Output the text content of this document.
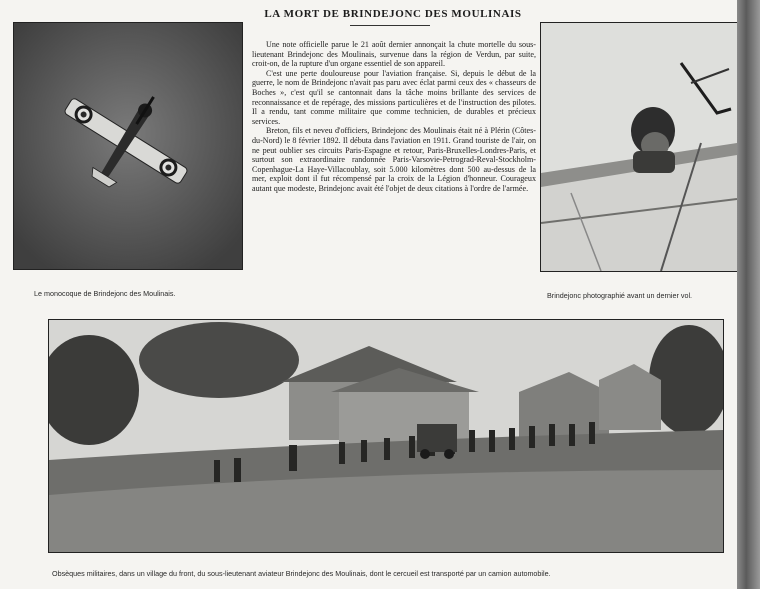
LA MORT DE BRINDEJONC DES MOULINAIS

Une note officielle parue le 21 août dernier annonçait la chute mortelle du sous-lieutenant Brindejonc des Moulinais, survenue dans la région de Verdun, par suite, croit-on, de la rupture d'un organe essentiel de son appareil.

C'est une perte douloureuse pour l'aviation française. Si, depuis le début de la guerre, le nom de Brindejonc n'avait pas paru avec éclat parmi ceux des « chasseurs de Boches », c'est qu'il se cantonnait dans la tâche moins brillante des services de reconnaissance et de repérage, des missions particulières et de l'instruction des pilotes. Il a rendu, tant comme militaire que comme technicien, de durables et précieux services.

Breton, fils et neveu d'officiers, Brindejonc des Moulinais était né à Plérin (Côtes-du-Nord) le 8 février 1892. Il débuta dans l'aviation en 1911. Grand touriste de l'air, on ne peut oublier ses circuits Paris-Espagne et retour, Paris-Bruxelles-Londres-Paris, et surtout son extraordinaire randonnée Paris-Varsovie-Petrograd-Reval-Stockholm-Copenhague-La Haye-Villacoublay, soit 5.000 kilomètres dont 500 au-dessus de la mer, exploit dont il fut récompensé par la croix de la Légion d'honneur. Courageux autant que modeste, Brindejonc avait été l'objet de deux citations à l'ordre de l'armée.

Le monocoque de Brindejonc des Moulinais.	Brindejonc photographié avant un dernier vol.
Obsèques militaires, dans un village du front, du sous-lieutenant aviateur Brindejonc des Moulinais, dont le cercueil est transporté par un camion automobile.
